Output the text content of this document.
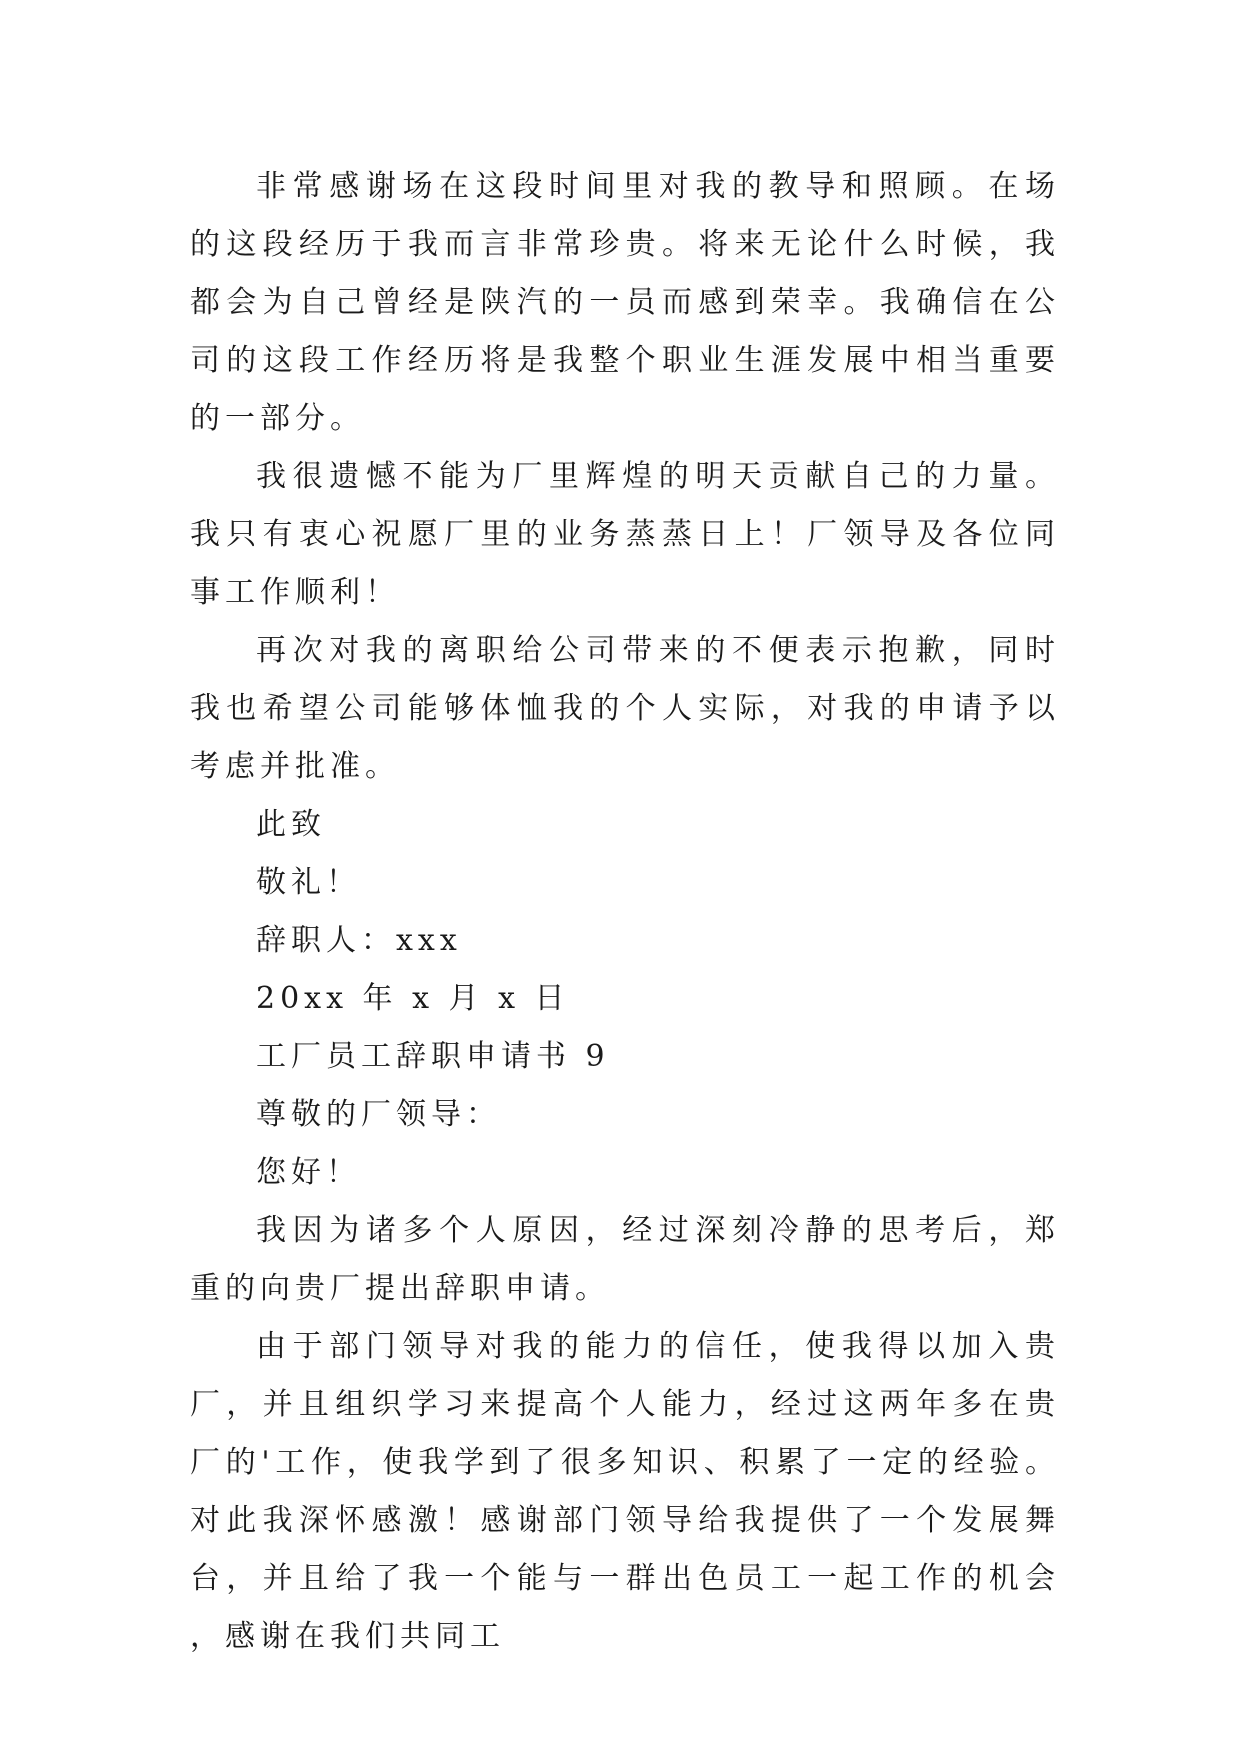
非常感谢场在这段时间里对我的教导和照顾。在场的这段经历于我而言非常珍贵。将来无论什么时候，我都会为自己曾经是陕汽的一员而感到荣幸。我确信在公司的这段工作经历将是我整个职业生涯发展中相当重要的一部分。

我很遗憾不能为厂里辉煌的明天贡献自己的力量。我只有衷心祝愿厂里的业务蒸蒸日上！厂领导及各位同事工作顺利！

再次对我的离职给公司带来的不便表示抱歉，同时我也希望公司能够体恤我的个人实际，对我的申请予以考虑并批准。

此致

敬礼！

辞职人：xxx

20xx 年 x 月 x 日

工厂员工辞职申请书 9

尊敬的厂领导：

您好！

我因为诸多个人原因，经过深刻冷静的思考后，郑重的向贵厂提出辞职申请。

由于部门领导对我的能力的信任，使我得以加入贵厂，并且组织学习来提高个人能力，经过这两年多在贵厂的'工作，使我学到了很多知识、积累了一定的经验。对此我深怀感激！感谢部门领导给我提供了一个发展舞台，并且给了我一个能与一群出色员工一起工作的机会，感谢在我们共同工
